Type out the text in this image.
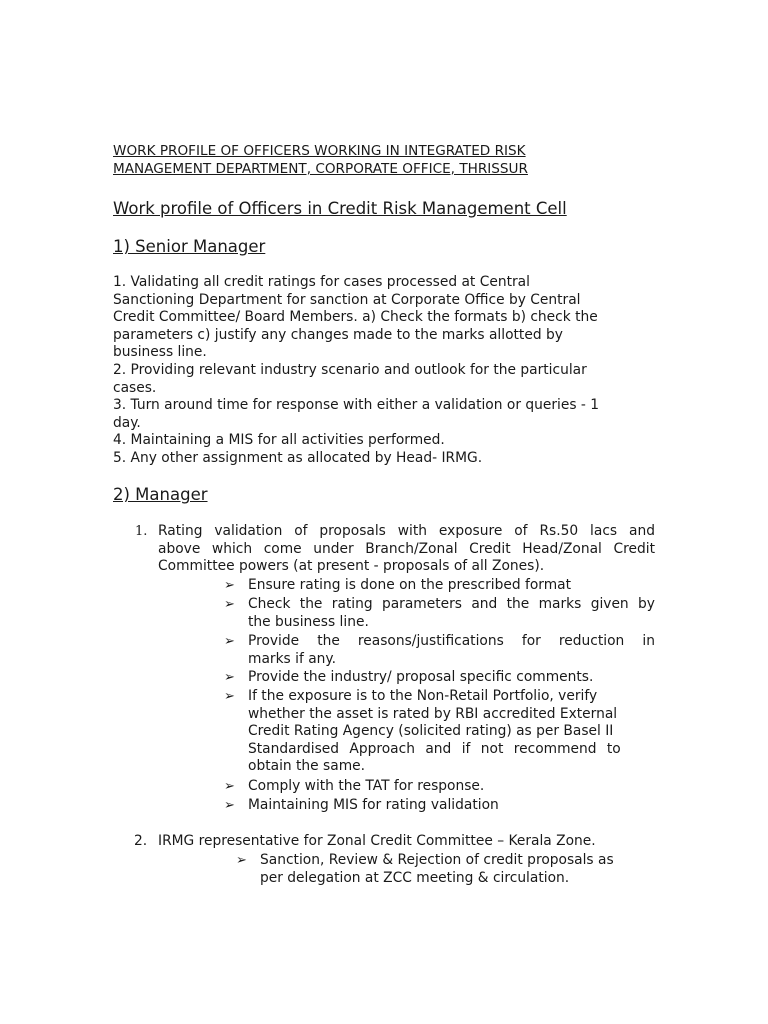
WORK PROFILE OF OFFICERS WORKING IN INTEGRATED RISK
MANAGEMENT DEPARTMENT, CORPORATE OFFICE, THRISSUR
Work profile of Officers in Credit Risk Management Cell
1) Senior Manager
1. Validating all credit ratings for cases processed at Central
Sanctioning Department for sanction at Corporate Office by Central
Credit Committee/ Board Members. a) Check the formats b) check the
parameters c) justify any changes made to the marks allotted by
business line.
2. Providing relevant industry scenario and outlook for the particular
cases.
3. Turn around time for response with either a validation or queries - 1
day.
4. Maintaining a MIS for all activities performed.
5. Any other assignment as allocated by Head- IRMG.
2) Manager
1. Rating validation of proposals with exposure of Rs.50 lacs and
above which come under Branch/Zonal Credit Head/Zonal Credit
Committee powers (at present - proposals of all Zones).
➢ Ensure rating is done on the prescribed format
➢ Check the rating parameters and the marks given by
the business line.
➢ Provide the reasons/justifications for reduction in
marks if any.
➢ Provide the industry/ proposal specific comments.
➢ If the exposure is to the Non-Retail Portfolio, verify
whether the asset is rated by RBI accredited External
Credit Rating Agency (solicited rating) as per Basel II
Standardised Approach and if not recommend to
obtain the same.
➢ Comply with the TAT for response.
➢ Maintaining MIS for rating validation
2. IRMG representative for Zonal Credit Committee – Kerala Zone.
➢ Sanction, Review & Rejection of credit proposals as
per delegation at ZCC meeting & circulation.
